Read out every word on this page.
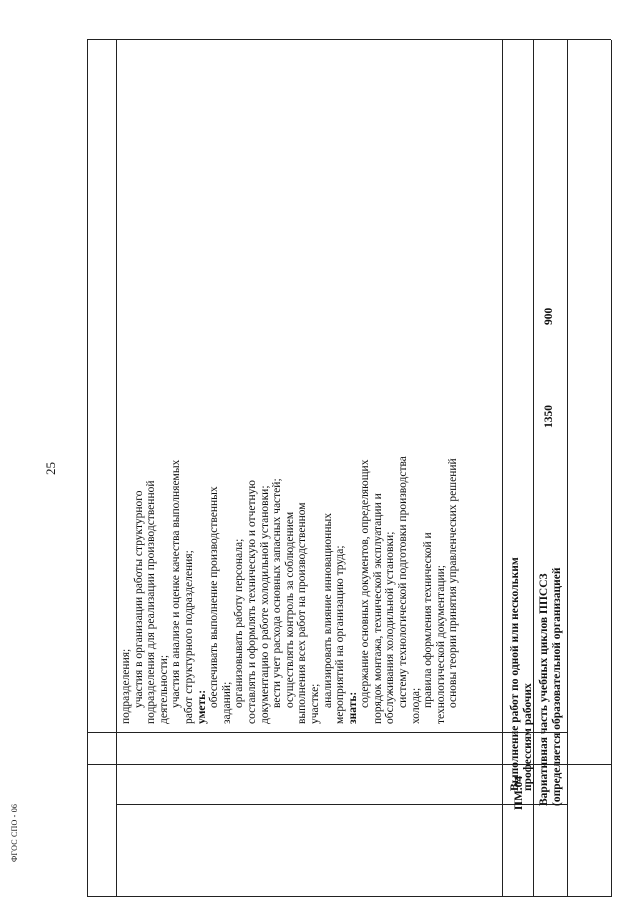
25
ФГОС СПО - 06
подразделения; участия в организации работы структурного подразделения для реализации производственной деятельности; участия в анализе и оценке качества выполняемых работ структурного подразделения; уметь: обеспечивать выполнение производственных заданий; организовывать работу персонала; составлять и оформлять техническую и отчетную документацию о работе холодильной установки; вести учет расхода основных запасных частей; осуществлять контроль за соблюдением выполнения всех работ на производственном участке; анализировать влияние инновационных мероприятий на организацию труда; знать: содержание основных документов, определяющих порядок монтажа, технической эксплуатации и обслуживания холодильной установки; систему технологической подготовки производства холода; правила оформления технической и технологической документации; основы теории принятия управленческих решений
ПМ.04
Выполнение работ по одной или нескольким профессиям рабочих Вариативная часть учебных циклов ППССЗ (определяется образовательной организацией
1350
900
